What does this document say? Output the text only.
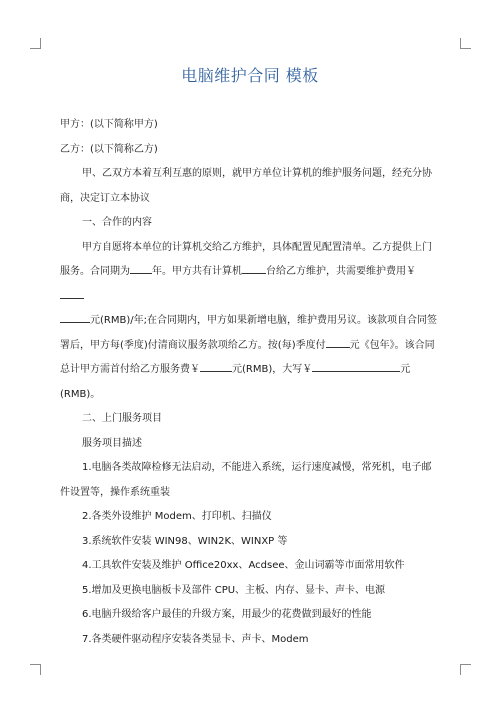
电脑维护合同 模板

甲方：(以下简称甲方)

乙方：(以下简称乙方)

甲、乙双方本着互利互惠的原则，就甲方单位计算机的维护服务问题，经充分协商，决定订立本协议

一、合作的内容

甲方自愿将本单位的计算机交给乙方维护，具体配置见配置清单。乙方提供上门服务。合同期为 年。甲方共有计算机 台给乙方维护，共需要维护费用￥
元(RMB)/年;在合同期内，甲方如果新增电脑，维护费用另议。该款项自合同签署后，甲方每(季度)付清商议服务款项给乙方。按(每)季度付 元《包年》。该合同总计甲方需首付给乙方服务费￥	元(RMB)，大写￥	元(RMB)。

二、上门服务项目

服务项目描述

1.电脑各类故障检修无法启动，不能进入系统，运行速度减慢，常死机，电子邮件设置等，操作系统重装

2.各类外设维护 Modem、打印机、扫描仪

3.系统软件安装 WIN98、WIN2K、WINXP 等

4.工具软件安装及维护 Office20xx、Acdsee、金山词霸等市面常用软件

5.增加及更换电脑板卡及部件 CPU、主板、内存、显卡、声卡、电源

6.电脑升级给客户最佳的升级方案，用最少的花费做到最好的性能

7.各类硬件驱动程序安装各类显卡、声卡、Modem
